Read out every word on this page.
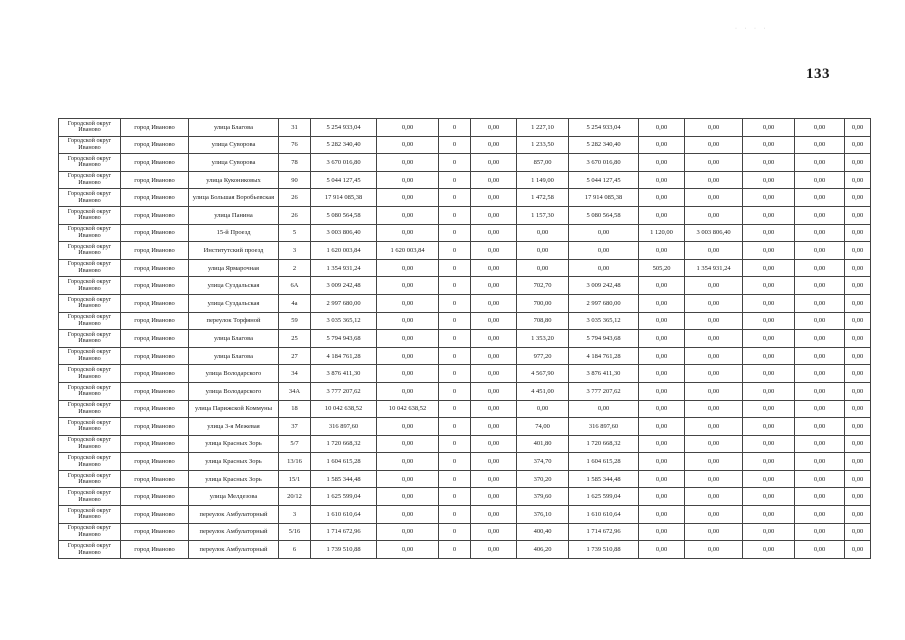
· · · ·
133
Городской округ Иваново	город Иваново	улица Благова	31	5 254 933,04	0,00	0	0,00	1 227,10	5 254 933,04	0,00	0,00	0,00	0,00	0,00
Городской округ Иваново	город Иваново	улица Суворова	76	5 282 340,40	0,00	0	0,00	1 233,50	5 282 340,40	0,00	0,00	0,00	0,00	0,00
Городской округ Иваново	город Иваново	улица Суворова	78	3 670 016,80	0,00	0	0,00	857,00	3 670 016,80	0,00	0,00	0,00	0,00	0,00
Городской округ Иваново	город Иваново	улица Кукониковых	90	5 044 127,45	0,00	0	0,00	1 149,00	5 044 127,45	0,00	0,00	0,00	0,00	0,00
Городской округ Иваново	город Иваново	улица Большая Воробьевская	26	17 914 085,38	0,00	0	0,00	1 472,58	17 914 085,38	0,00	0,00	0,00	0,00	0,00
Городской округ Иваново	город Иваново	улица Панина	26	5 080 564,58	0,00	0	0,00	1 157,30	5 080 564,58	0,00	0,00	0,00	0,00	0,00
Городской округ Иваново	город Иваново	15-й Проезд	5	3 003 806,40	0,00	0	0,00	0,00	0,00	1 120,00	3 003 806,40	0,00	0,00	0,00
Городской округ Иваново	город Иваново	Институтский проезд	3	1 620 003,84	1 620 003,84	0	0,00	0,00	0,00	0,00	0,00	0,00	0,00	0,00
Городской округ Иваново	город Иваново	улица Ярмарочная	2	1 354 931,24	0,00	0	0,00	0,00	0,00	505,20	1 354 931,24	0,00	0,00	0,00
Городской округ Иваново	город Иваново	улица Суздальская	6А	3 009 242,48	0,00	0	0,00	702,70	3 009 242,48	0,00	0,00	0,00	0,00	0,00
Городской округ Иваново	город Иваново	улица Суздальская	4а	2 997 680,00	0,00	0	0,00	700,00	2 997 680,00	0,00	0,00	0,00	0,00	0,00
Городской округ Иваново	город Иваново	переулок Торфяной	59	3 035 365,12	0,00	0	0,00	708,80	3 035 365,12	0,00	0,00	0,00	0,00	0,00
Городской округ Иваново	город Иваново	улица Благова	25	5 794 943,68	0,00	0	0,00	1 353,20	5 794 943,68	0,00	0,00	0,00	0,00	0,00
Городской округ Иваново	город Иваново	улица Благова	27	4 184 761,28	0,00	0	0,00	977,20	4 184 761,28	0,00	0,00	0,00	0,00	0,00
Городской округ Иваново	город Иваново	улица Володарского	34	3 876 411,30	0,00	0	0,00	4 567,90	3 876 411,30	0,00	0,00	0,00	0,00	0,00
Городской округ Иваново	город Иваново	улица Володарского	34А	3 777 207,62	0,00	0	0,00	4 451,00	3 777 207,62	0,00	0,00	0,00	0,00	0,00
Городской округ Иваново	город Иваново	улица Парижской Коммуны	18	10 042 638,52	10 042 638,52	0	0,00	0,00	0,00	0,00	0,00	0,00	0,00	0,00
Городской округ Иваново	город Иваново	улица 3-я Межевая	37	316 897,60	0,00	0	0,00	74,00	316 897,60	0,00	0,00	0,00	0,00	0,00
Городской округ Иваново	город Иваново	улица Красных Зорь	5/7	1 720 668,32	0,00	0	0,00	401,80	1 720 668,32	0,00	0,00	0,00	0,00	0,00
Городской округ Иваново	город Иваново	улица Красных Зорь	13/16	1 604 615,28	0,00	0	0,00	374,70	1 604 615,28	0,00	0,00	0,00	0,00	0,00
Городской округ Иваново	город Иваново	улица Красных Зорь	15/1	1 585 344,48	0,00	0	0,00	370,20	1 585 344,48	0,00	0,00	0,00	0,00	0,00
Городской округ Иваново	город Иваново	улица Мелдезова	20/12	1 625 599,04	0,00	0	0,00	379,60	1 625 599,04	0,00	0,00	0,00	0,00	0,00
Городской округ Иваново	город Иваново	переулок Амбулаторный	3	1 610 610,64	0,00	0	0,00	376,10	1 610 610,64	0,00	0,00	0,00	0,00	0,00
Городской округ Иваново	город Иваново	переулок Амбулаторный	5/16	1 714 672,96	0,00	0	0,00	400,40	1 714 672,96	0,00	0,00	0,00	0,00	0,00
Городской округ Иваново	город Иваново	переулок Амбулаторный	6	1 739 510,88	0,00	0	0,00	406,20	1 739 510,88	0,00	0,00	0,00	0,00	0,00
